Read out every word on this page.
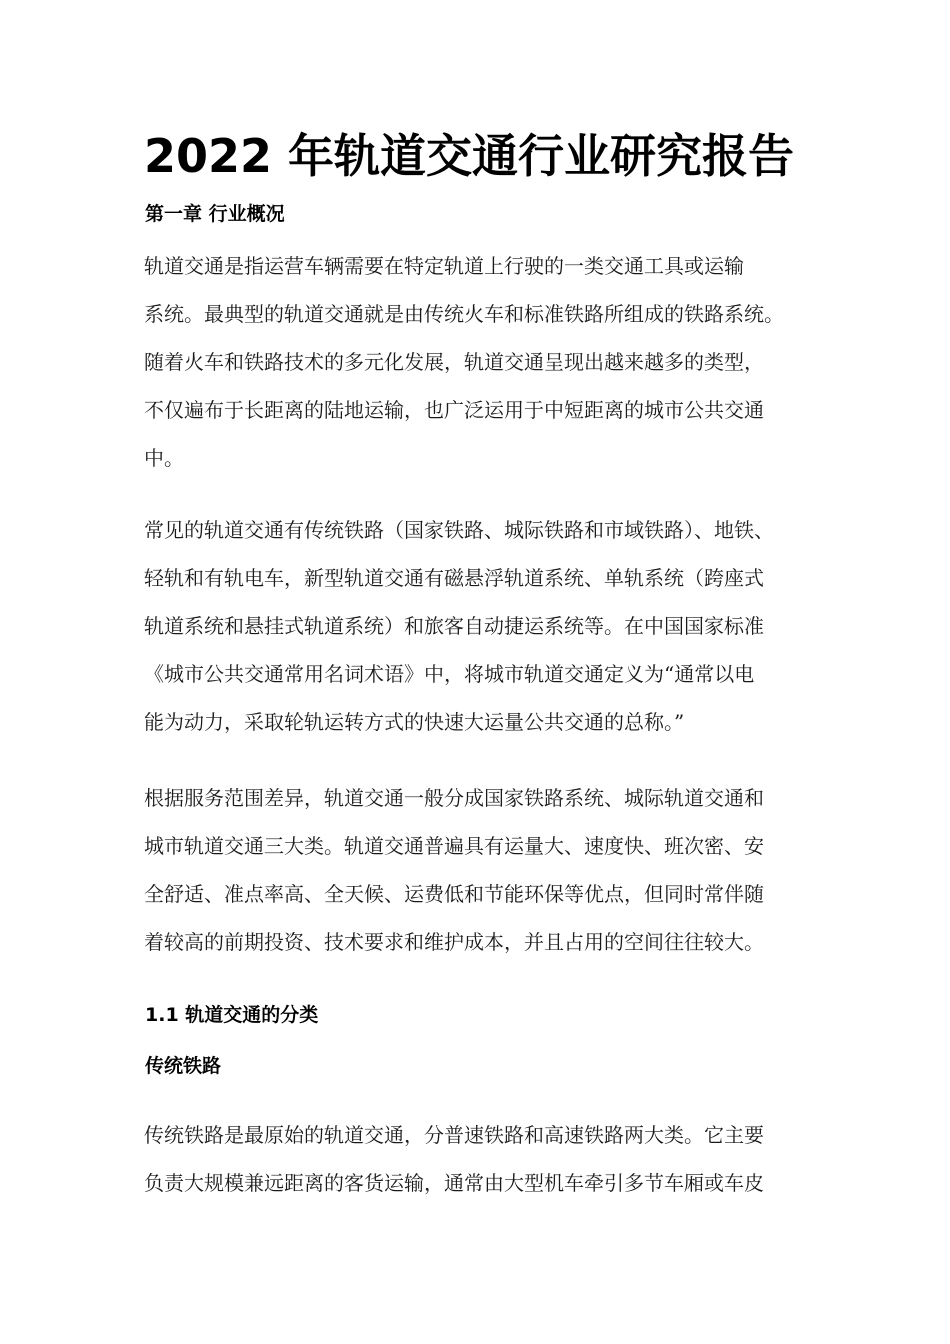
2022 年轨道交通行业研究报告
第一章 行业概况
轨道交通是指运营车辆需要在特定轨道上行驶的一类交通工具或运输
系统。最典型的轨道交通就是由传统火车和标准铁路所组成的铁路系统。
随着火车和铁路技术的多元化发展，轨道交通呈现出越来越多的类型，
不仅遍布于长距离的陆地运输，也广泛运用于中短距离的城市公共交通
中。
常见的轨道交通有传统铁路（国家铁路、城际铁路和市域铁路）、地铁、
轻轨和有轨电车，新型轨道交通有磁悬浮轨道系统、单轨系统（跨座式
轨道系统和悬挂式轨道系统）和旅客自动捷运系统等。在中国国家标准
《城市公共交通常用名词术语》中，将城市轨道交通定义为“通常以电
能为动力，采取轮轨运转方式的快速大运量公共交通的总称。”
根据服务范围差异，轨道交通一般分成国家铁路系统、城际轨道交通和
城市轨道交通三大类。轨道交通普遍具有运量大、速度快、班次密、安
全舒适、准点率高、全天候、运费低和节能环保等优点，但同时常伴随
着较高的前期投资、技术要求和维护成本，并且占用的空间往往较大。
1.1 轨道交通的分类
传统铁路
传统铁路是最原始的轨道交通，分普速铁路和高速铁路两大类。它主要
负责大规模兼远距离的客货运输，通常由大型机车牵引多节车厢或车皮
